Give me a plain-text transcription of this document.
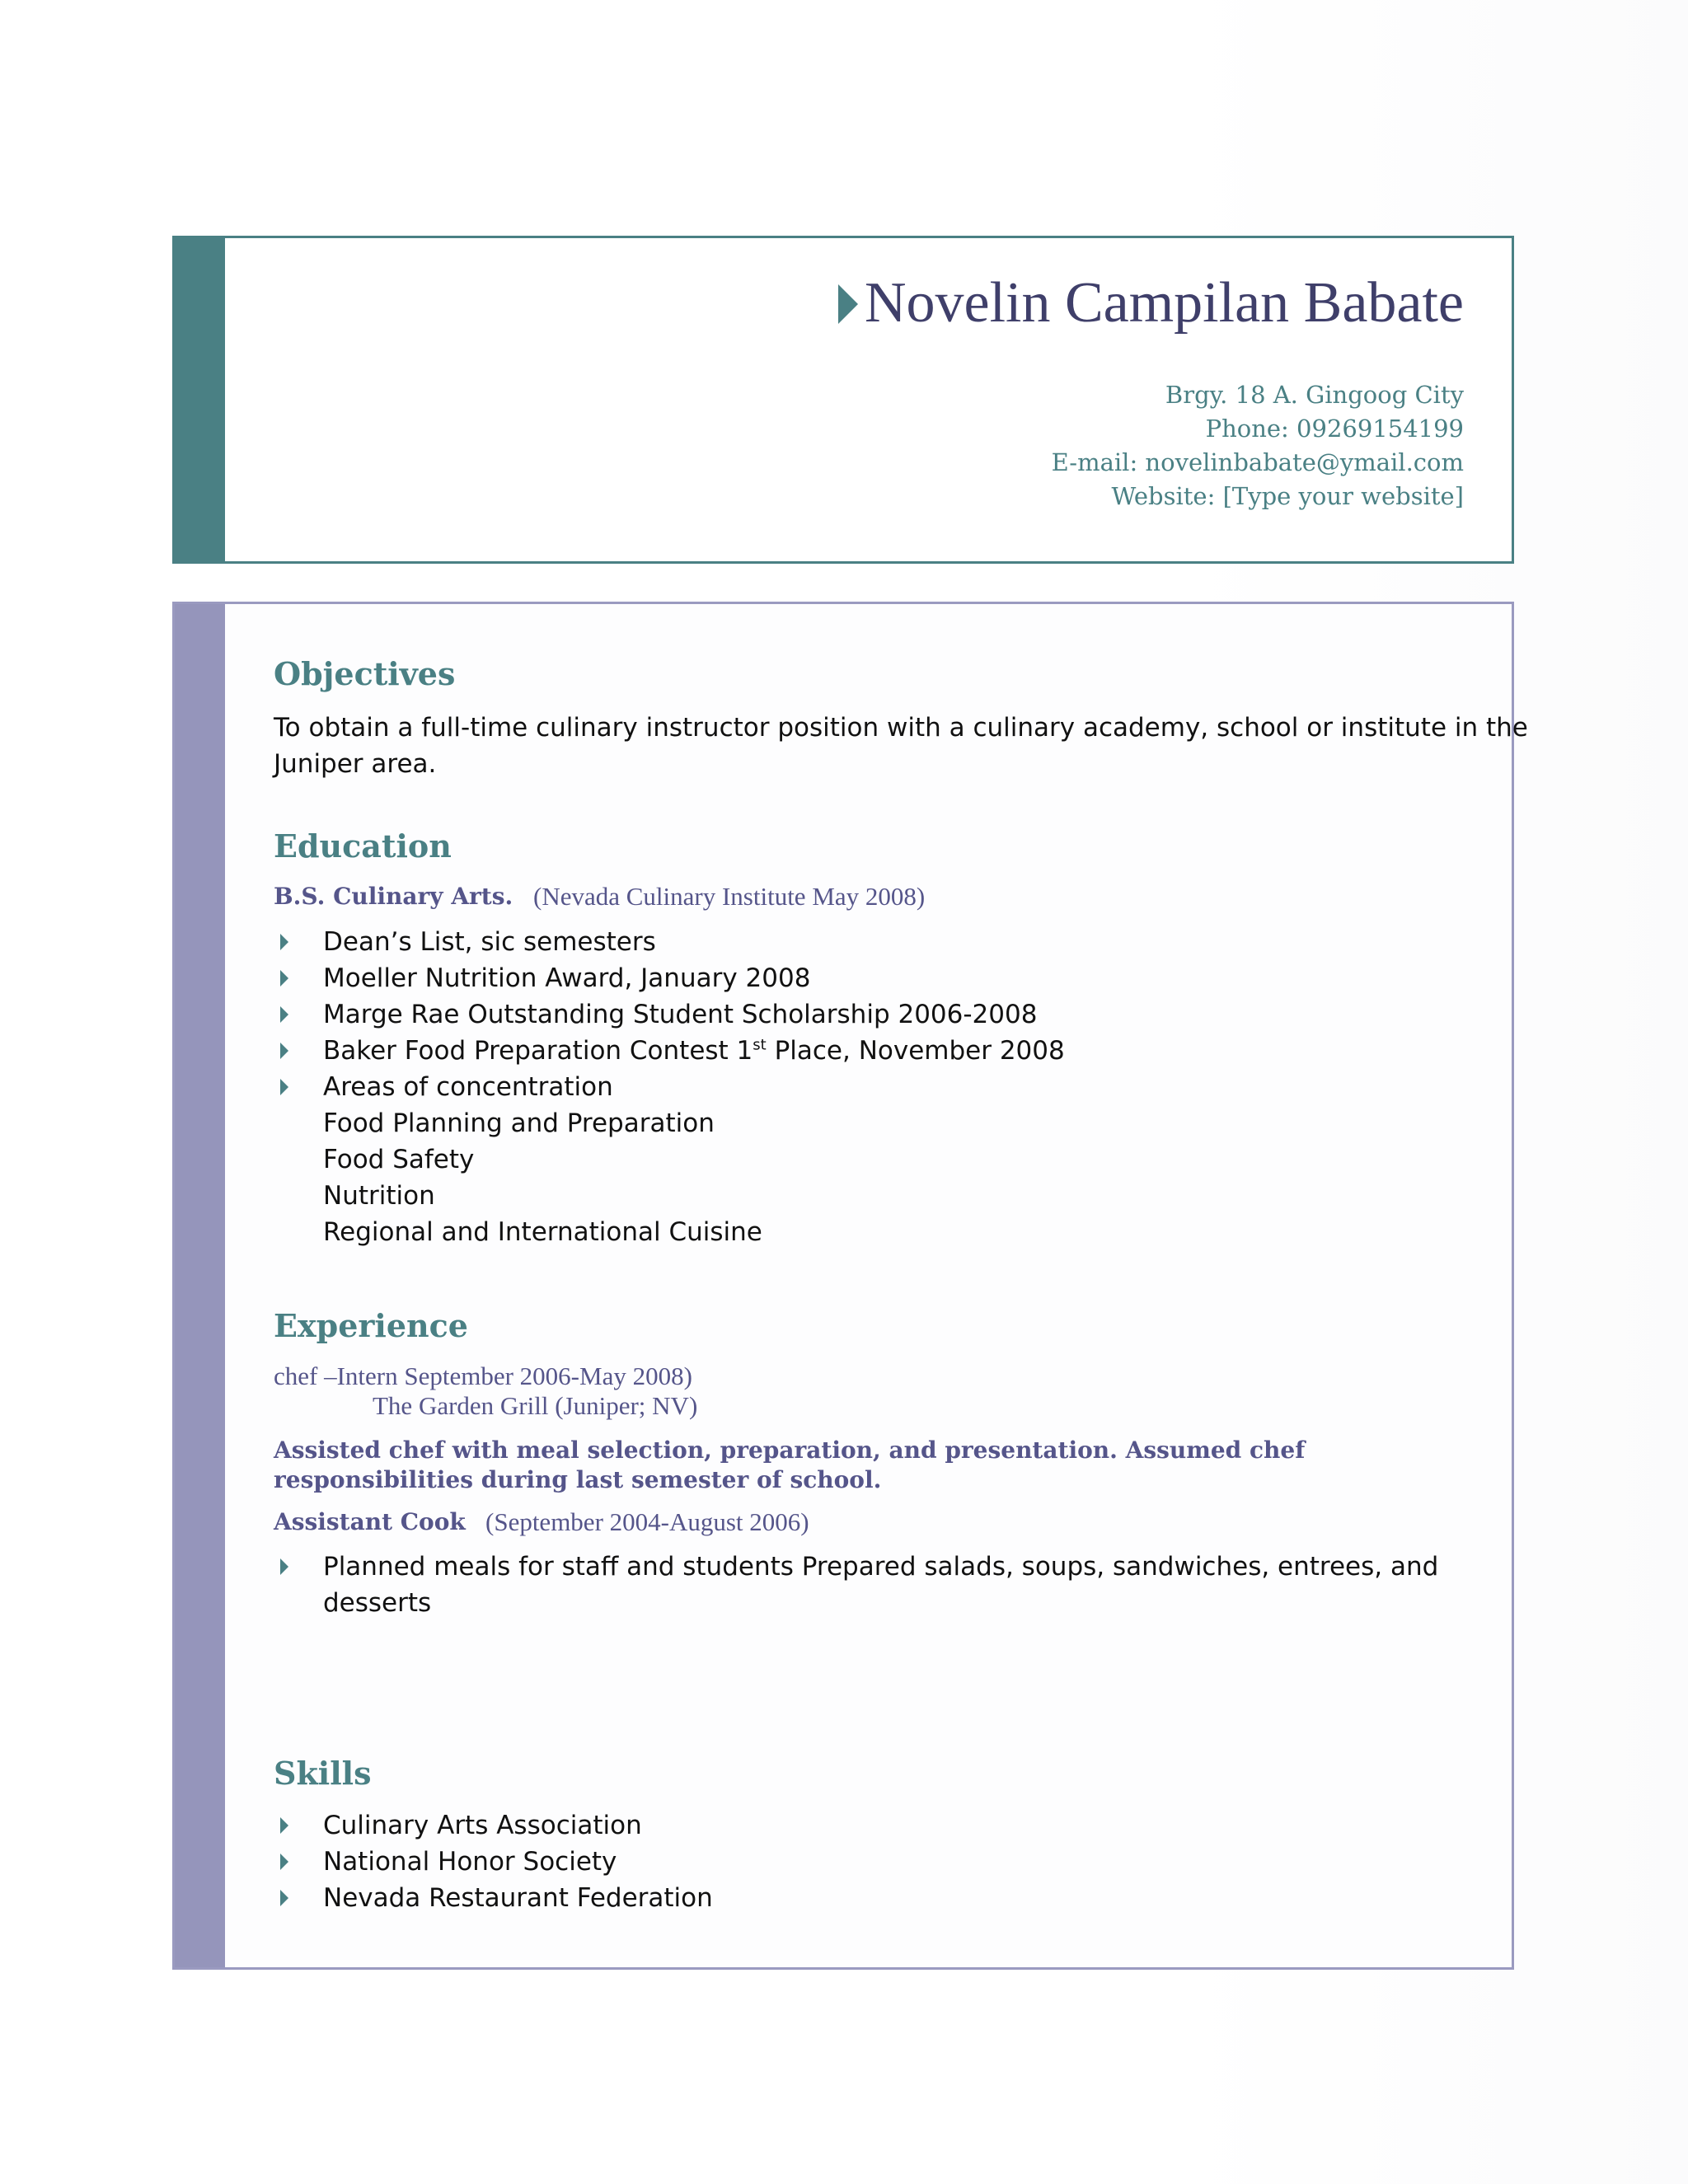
Novelin Campilan Babate
Brgy. 18 A. Gingoog City
Phone: 09269154199
E-mail: novelinbabate@ymail.com
Website: [Type your website]
Objectives
To obtain a full-time culinary instructor position with a culinary academy, school or institute in the
Juniper area.
Education
B.S. Culinary Arts. (Nevada Culinary Institute May 2008)
Dean’s List, sic semesters
Moeller Nutrition Award, January 2008
Marge Rae Outstanding Student Scholarship 2006-2008
Baker Food Preparation Contest 1st Place, November 2008
Areas of concentration
Food Planning and Preparation
Food Safety
Nutrition
Regional and International Cuisine
Experience
chef –Intern September 2006-May 2008)
The Garden Grill (Juniper; NV)
Assisted chef with meal selection, preparation, and presentation. Assumed chef
responsibilities during last semester of school.
Assistant Cook (September 2004-August 2006)
Planned meals for staff and students Prepared salads, soups, sandwiches, entrees, and
desserts
Skills
Culinary Arts Association
National Honor Society
Nevada Restaurant Federation
